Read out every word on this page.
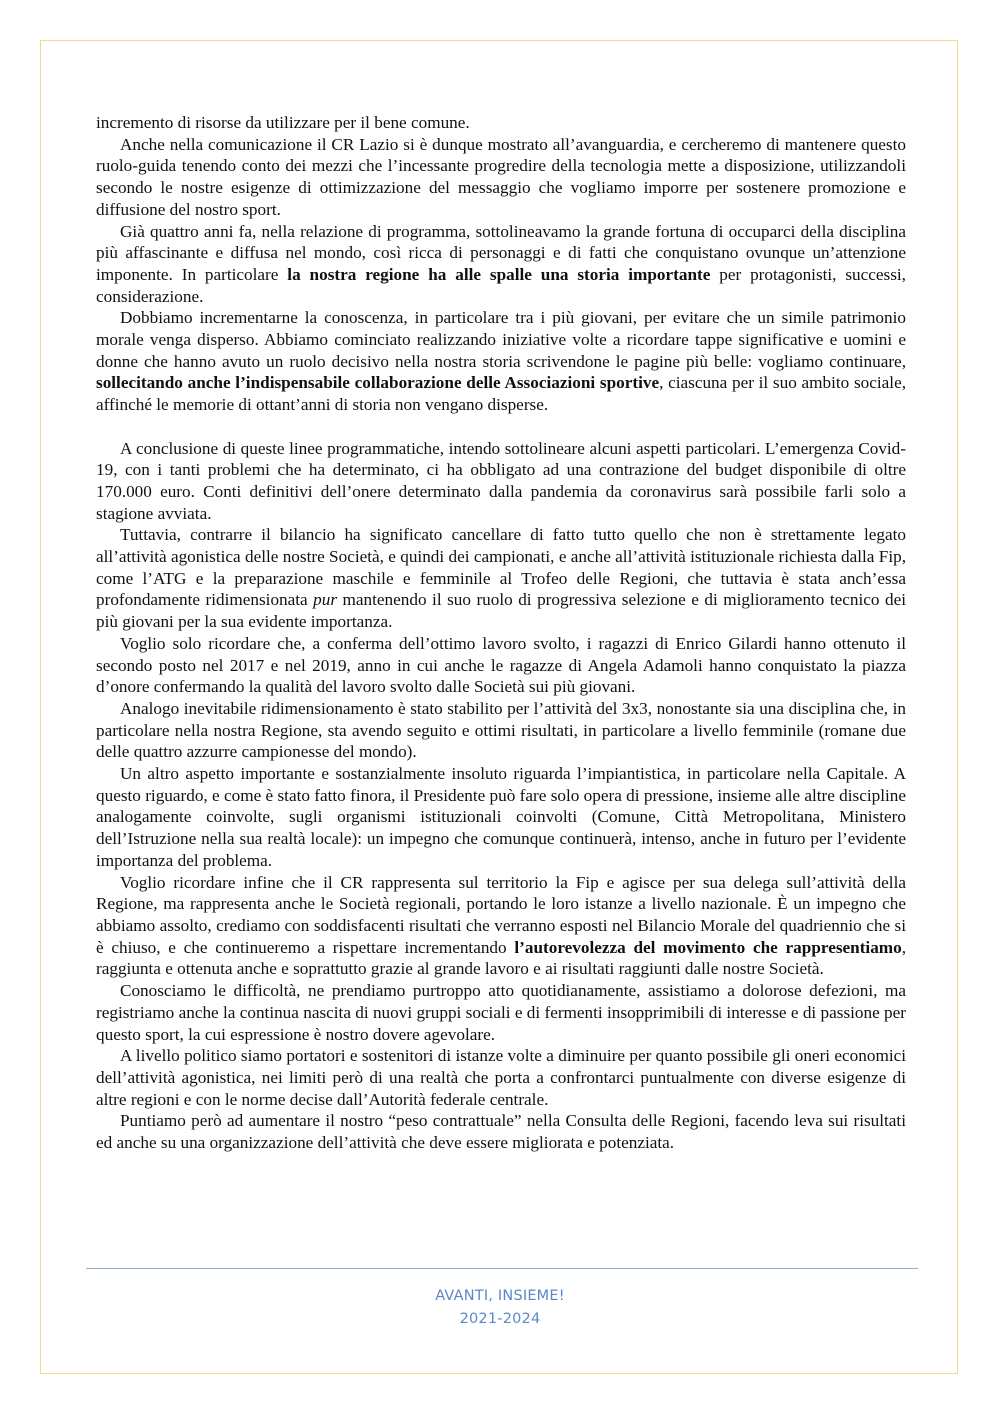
incremento di risorse da utilizzare per il bene comune.

Anche nella comunicazione il CR Lazio si è dunque mostrato all’avanguardia, e cercheremo di mantenere questo ruolo-guida tenendo conto dei mezzi che l’incessante progredire della tecnologia mette a disposizione, utilizzandoli secondo le nostre esigenze di ottimizzazione del messaggio che vogliamo imporre per sostenere promozione e diffusione del nostro sport.

Già quattro anni fa, nella relazione di programma, sottolineavamo la grande fortuna di occuparci della disciplina più affascinante e diffusa nel mondo, così ricca di personaggi e di fatti che conquistano ovunque un’attenzione imponente. In particolare la nostra regione ha alle spalle una storia importante per protagonisti, successi, considerazione.

Dobbiamo incrementarne la conoscenza, in particolare tra i più giovani, per evitare che un simile patrimonio morale venga disperso. Abbiamo cominciato realizzando iniziative volte a ricordare tappe significative e uomini e donne che hanno avuto un ruolo decisivo nella nostra storia scrivendone le pagine più belle: vogliamo continuare, sollecitando anche l’indispensabile collaborazione delle Associazioni sportive, ciascuna per il suo ambito sociale, affinché le memorie di ottant’anni di storia non vengano disperse.

A conclusione di queste linee programmatiche, intendo sottolineare alcuni aspetti particolari. L’emergenza Covid-19, con i tanti problemi che ha determinato, ci ha obbligato ad una contrazione del budget disponibile di oltre 170.000 euro. Conti definitivi dell’onere determinato dalla pandemia da coronavirus sarà possibile farli solo a stagione avviata.

Tuttavia, contrarre il bilancio ha significato cancellare di fatto tutto quello che non è strettamente legato all’attività agonistica delle nostre Società, e quindi dei campionati, e anche all’attività istituzionale richiesta dalla Fip, come l’ATG e la preparazione maschile e femminile al Trofeo delle Regioni, che tuttavia è stata anch’essa profondamente ridimensionata pur mantenendo il suo ruolo di progressiva selezione e di miglioramento tecnico dei più giovani per la sua evidente importanza.

Voglio solo ricordare che, a conferma dell’ottimo lavoro svolto, i ragazzi di Enrico Gilardi hanno ottenuto il secondo posto nel 2017 e nel 2019, anno in cui anche le ragazze di Angela Adamoli hanno conquistato la piazza d’onore confermando la qualità del lavoro svolto dalle Società sui più giovani.

Analogo inevitabile ridimensionamento è stato stabilito per l’attività del 3x3, nonostante sia una disciplina che, in particolare nella nostra Regione, sta avendo seguito e ottimi risultati, in particolare a livello femminile (romane due delle quattro azzurre campionesse del mondo).

Un altro aspetto importante e sostanzialmente insoluto riguarda l’impiantistica, in particolare nella Capitale. A questo riguardo, e come è stato fatto finora, il Presidente può fare solo opera di pressione, insieme alle altre discipline analogamente coinvolte, sugli organismi istituzionali coinvolti (Comune, Città Metropolitana, Ministero dell’Istruzione nella sua realtà locale): un impegno che comunque continuerà, intenso, anche in futuro per l’evidente importanza del problema.

Voglio ricordare infine che il CR rappresenta sul territorio la Fip e agisce per sua delega sull’attività della Regione, ma rappresenta anche le Società regionali, portando le loro istanze a livello nazionale. È un impegno che abbiamo assolto, crediamo con soddisfacenti risultati che verranno esposti nel Bilancio Morale del quadriennio che si è chiuso, e che continueremo a rispettare incrementando l’autorevolezza del movimento che rappresentiamo, raggiunta e ottenuta anche e soprattutto grazie al grande lavoro e ai risultati raggiunti dalle nostre Società.

Conosciamo le difficoltà, ne prendiamo purtroppo atto quotidianamente, assistiamo a dolorose defezioni, ma registriamo anche la continua nascita di nuovi gruppi sociali e di fermenti insopprimibili di interesse e di passione per questo sport, la cui espressione è nostro dovere agevolare.

A livello politico siamo portatori e sostenitori di istanze volte a diminuire per quanto possibile gli oneri economici dell’attività agonistica, nei limiti però di una realtà che porta a confrontarci puntualmente con diverse esigenze di altre regioni e con le norme decise dall’Autorità federale centrale.

Puntiamo però ad aumentare il nostro “peso contrattuale” nella Consulta delle Regioni, facendo leva sui risultati ed anche su una organizzazione dell’attività che deve essere migliorata e potenziata.

AVANTI, INSIEME!
2021-2024
